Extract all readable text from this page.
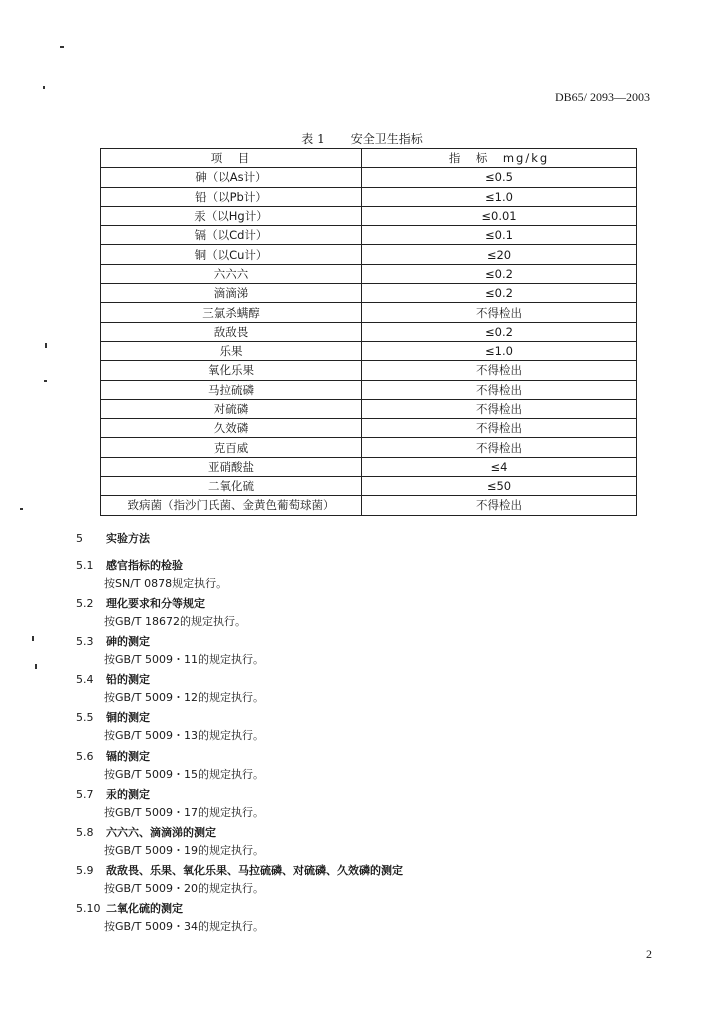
DB65/ 2093—2003
表 1 安全卫生指标
项　目	指　标　mg/kg
砷（以As计）	≤0.5
铅（以Pb计）	≤1.0
汞（以Hg计）	≤0.01
镉（以Cd计）	≤0.1
铜（以Cu计）	≤20
六六六	≤0.2
滴滴涕	≤0.2
三氯杀螨醇	不得检出
敌敌畏	≤0.2
乐果	≤1.0
氧化乐果	不得检出
马拉硫磷	不得检出
对硫磷	不得检出
久效磷	不得检出
克百威	不得检出
亚硝酸盐	≤4
二氧化硫	≤50
致病菌（指沙门氏菌、金黄色葡萄球菌）	不得检出
5 实验方法
5.1 感官指标的检验
按SN/T 0878规定执行。
5.2 理化要求和分等规定
按GB/T 18672的规定执行。
5.3 砷的测定
按GB/T 5009・11的规定执行。
5.4 铅的测定
按GB/T 5009・12的规定执行。
5.5 铜的测定
按GB/T 5009・13的规定执行。
5.6 镉的测定
按GB/T 5009・15的规定执行。
5.7 汞的测定
按GB/T 5009・17的规定执行。
5.8 六六六、滴滴涕的测定
按GB/T 5009・19的规定执行。
5.9 敌敌畏、乐果、氧化乐果、马拉硫磷、对硫磷、久效磷的测定
按GB/T 5009・20的规定执行。
5.10 二氧化硫的测定
按GB/T 5009・34的规定执行。
2
